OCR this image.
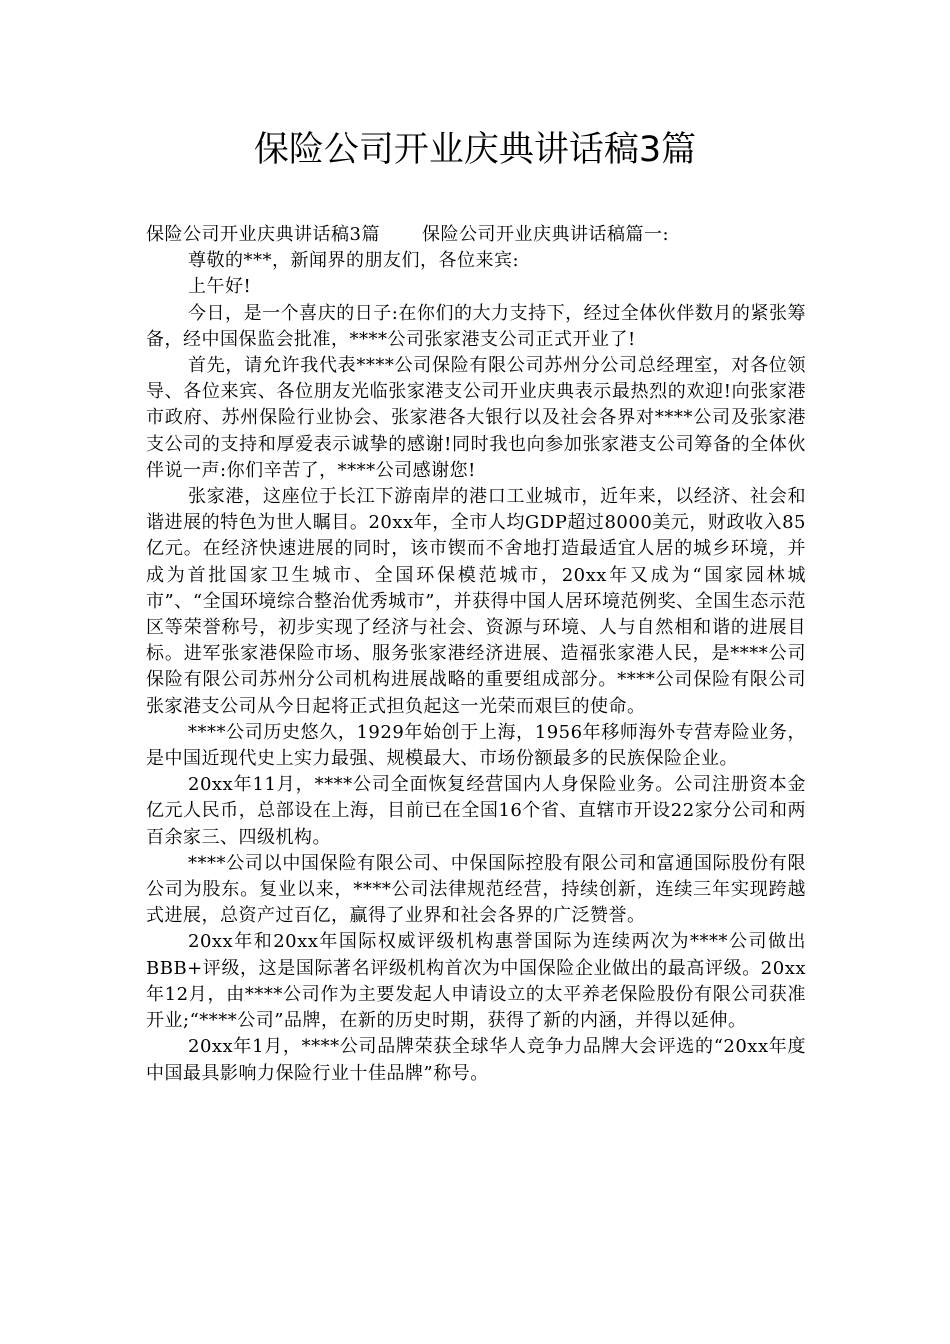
保险公司开业庆典讲话稿3篇

保险公司开业庆典讲话稿3篇 保险公司开业庆典讲话稿篇一:

尊敬的***，新闻界的朋友们，各位来宾:

上午好!

今日，是一个喜庆的日子:在你们的大力支持下，经过全体伙伴数月的紧张筹备，经中国保监会批准，****公司张家港支公司正式开业了!

首先，请允许我代表****公司保险有限公司苏州分公司总经理室，对各位领导、各位来宾、各位朋友光临张家港支公司开业庆典表示最热烈的欢迎!向张家港市政府、苏州保险行业协会、张家港各大银行以及社会各界对****公司及张家港支公司的支持和厚爱表示诚挚的感谢!同时我也向参加张家港支公司筹备的全体伙伴说一声:你们辛苦了，****公司感谢您!

张家港，这座位于长江下游南岸的港口工业城市，近年来，以经济、社会和谐进展的特色为世人瞩目。20xx年，全市人均GDP超过8000美元，财政收入85亿元。在经济快速进展的同时，该市锲而不舍地打造最适宜人居的城乡环境，并成为首批国家卫生城市、全国环保模范城市，20xx年又成为“国家园林城市”、“全国环境综合整治优秀城市”，并获得中国人居环境范例奖、全国生态示范区等荣誉称号，初步实现了经济与社会、资源与环境、人与自然相和谐的进展目标。进军张家港保险市场、服务张家港经济进展、造福张家港人民，是****公司保险有限公司苏州分公司机构进展战略的重要组成部分。****公司保险有限公司张家港支公司从今日起将正式担负起这一光荣而艰巨的使命。

****公司历史悠久，1929年始创于上海，1956年移师海外专营寿险业务，是中国近现代史上实力最强、规模最大、市场份额最多的民族保险企业。

20xx年11月，****公司全面恢复经营国内人身保险业务。公司注册资本金亿元人民币，总部设在上海，目前已在全国16个省、直辖市开设22家分公司和两百余家三、四级机构。

****公司以中国保险有限公司、中保国际控股有限公司和富通国际股份有限公司为股东。复业以来，****公司法律规范经营，持续创新，连续三年实现跨越式进展，总资产过百亿，赢得了业界和社会各界的广泛赞誉。

20xx年和20xx年国际权威评级机构惠誉国际为连续两次为****公司做出BBB+评级，这是国际著名评级机构首次为中国保险企业做出的最高评级。20xx年12月，由****公司作为主要发起人申请设立的太平养老保险股份有限公司获准开业;“****公司”品牌，在新的历史时期，获得了新的内涵，并得以延伸。

20xx年1月，****公司品牌荣获全球华人竞争力品牌大会评选的“20xx年度中国最具影响力保险行业十佳品牌”称号。
